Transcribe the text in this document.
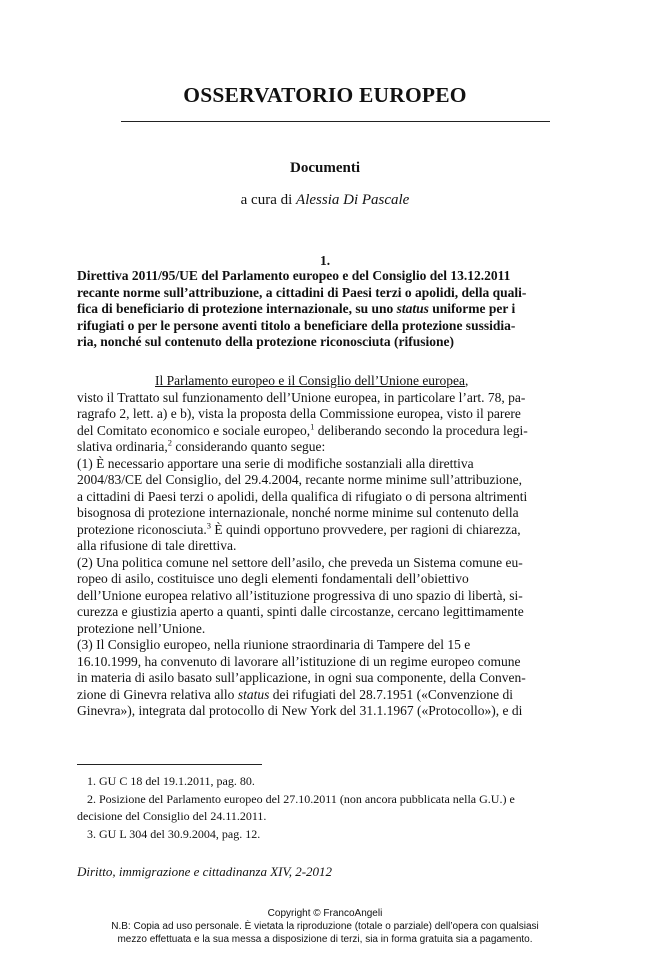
OSSERVATORIO EUROPEO
Documenti
a cura di Alessia Di Pascale
1.
Direttiva 2011/95/UE del Parlamento europeo e del Consiglio del 13.12.2011
recante norme sull’attribuzione, a cittadini di Paesi terzi o apolidi, della quali-
fica di beneficiario di protezione internazionale, su uno status uniforme per i
rifugiati o per le persone aventi titolo a beneficiare della protezione sussidia-
ria, nonché sul contenuto della protezione riconosciuta (rifusione)
Il Parlamento europeo e il Consiglio dell’Unione europea,
visto il Trattato sul funzionamento dell’Unione europea, in particolare l’art. 78, pa-
ragrafo 2, lett. a) e b), vista la proposta della Commissione europea, visto il parere
del Comitato economico e sociale europeo,$^1$ deliberando secondo la procedura legi-
slativa ordinaria,$^2$ considerando quanto segue:
(1) È necessario apportare una serie di modifiche sostanziali alla direttiva
2004/83/CE del Consiglio, del 29.4.2004, recante norme minime sull’attribuzione,
a cittadini di Paesi terzi o apolidi, della qualifica di rifugiato o di persona altrimenti
bisognosa di protezione internazionale, nonché norme minime sul contenuto della
protezione riconosciuta.$^3$ È quindi opportuno provvedere, per ragioni di chiarezza,
alla rifusione di tale direttiva.
(2) Una politica comune nel settore dell’asilo, che preveda un Sistema comune eu-
ropeo di asilo, costituisce uno degli elementi fondamentali dell’obiettivo
dell’Unione europea relativo all’istituzione progressiva di uno spazio di libertà, si-
curezza e giustizia aperto a quanti, spinti dalle circostanze, cercano legittimamente
protezione nell’Unione.
(3) Il Consiglio europeo, nella riunione straordinaria di Tampere del 15 e
16.10.1999, ha convenuto di lavorare all’istituzione di un regime europeo comune
in materia di asilo basato sull’applicazione, in ogni sua componente, della Conven-
zione di Ginevra relativa allo status dei rifugiati del 28.7.1951 («Convenzione di
Ginevra»), integrata dal protocollo di New York del 31.1.1967 («Protocollo»), e di
1. GU C 18 del 19.1.2011, pag. 80.
2. Posizione del Parlamento europeo del 27.10.2011 (non ancora pubblicata nella G.U.) e
decisione del Consiglio del 24.11.2011.
3. GU L 304 del 30.9.2004, pag. 12.
Diritto, immigrazione e cittadinanza XIV, 2-2012
Copyright © FrancoAngeli
N.B: Copia ad uso personale. È vietata la riproduzione (totale o parziale) dell’opera con qualsiasi
mezzo effettuata e la sua messa a disposizione di terzi, sia in forma gratuita sia a pagamento.
